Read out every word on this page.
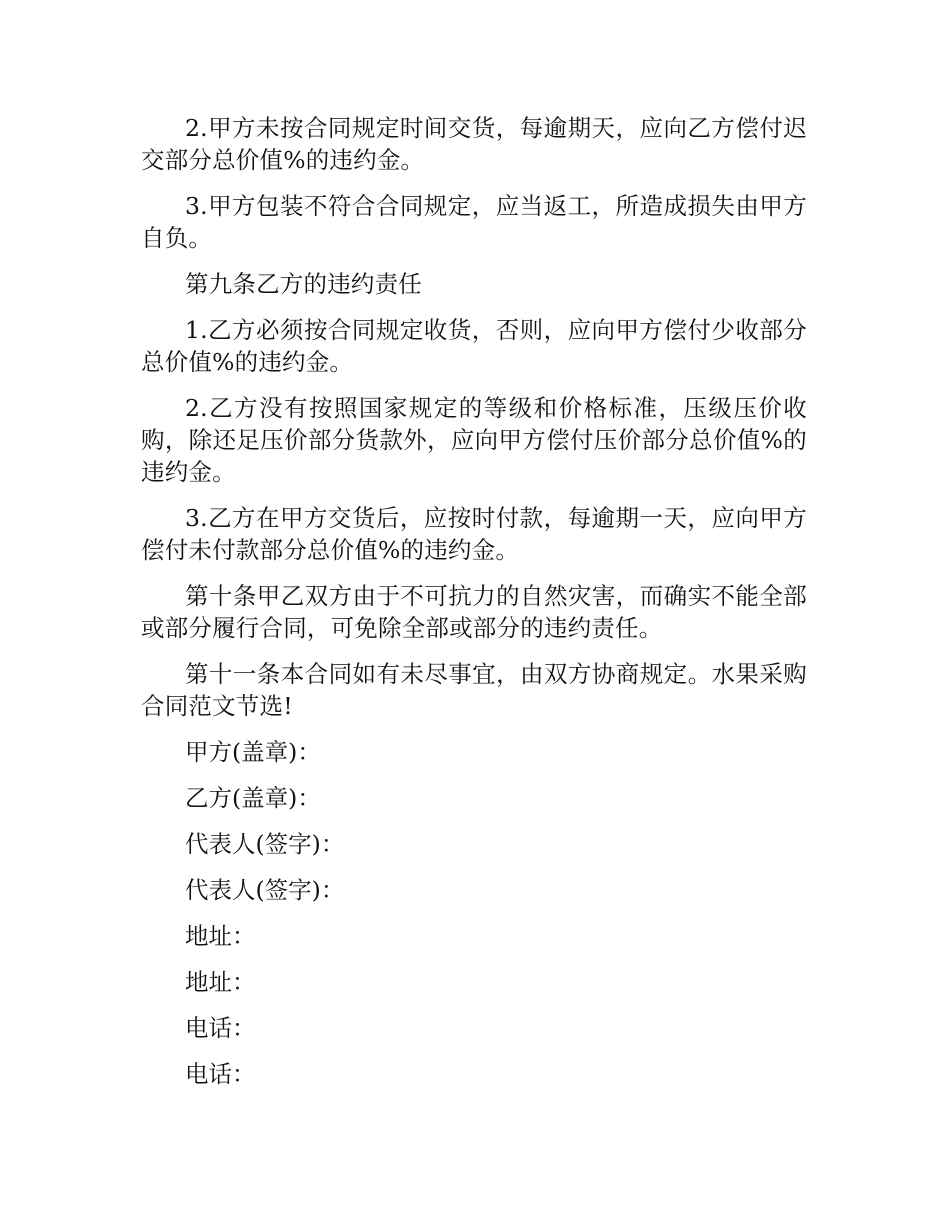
2.甲方未按合同规定时间交货，每逾期天，应向乙方偿付迟交部分总价值%的违约金。

3.甲方包装不符合合同规定，应当返工，所造成损失由甲方自负。

第九条乙方的违约责任

1.乙方必须按合同规定收货，否则，应向甲方偿付少收部分总价值%的违约金。

2.乙方没有按照国家规定的等级和价格标准，压级压价收购，除还足压价部分货款外，应向甲方偿付压价部分总价值%的违约金。

3.乙方在甲方交货后，应按时付款，每逾期一天，应向甲方偿付未付款部分总价值%的违约金。

第十条甲乙双方由于不可抗力的自然灾害，而确实不能全部或部分履行合同，可免除全部或部分的违约责任。

第十一条本合同如有未尽事宜，由双方协商规定。水果采购合同范文节选!

甲方(盖章)：

乙方(盖章)：

代表人(签字)：

代表人(签字)：

地址：

地址：

电话：

电话：
